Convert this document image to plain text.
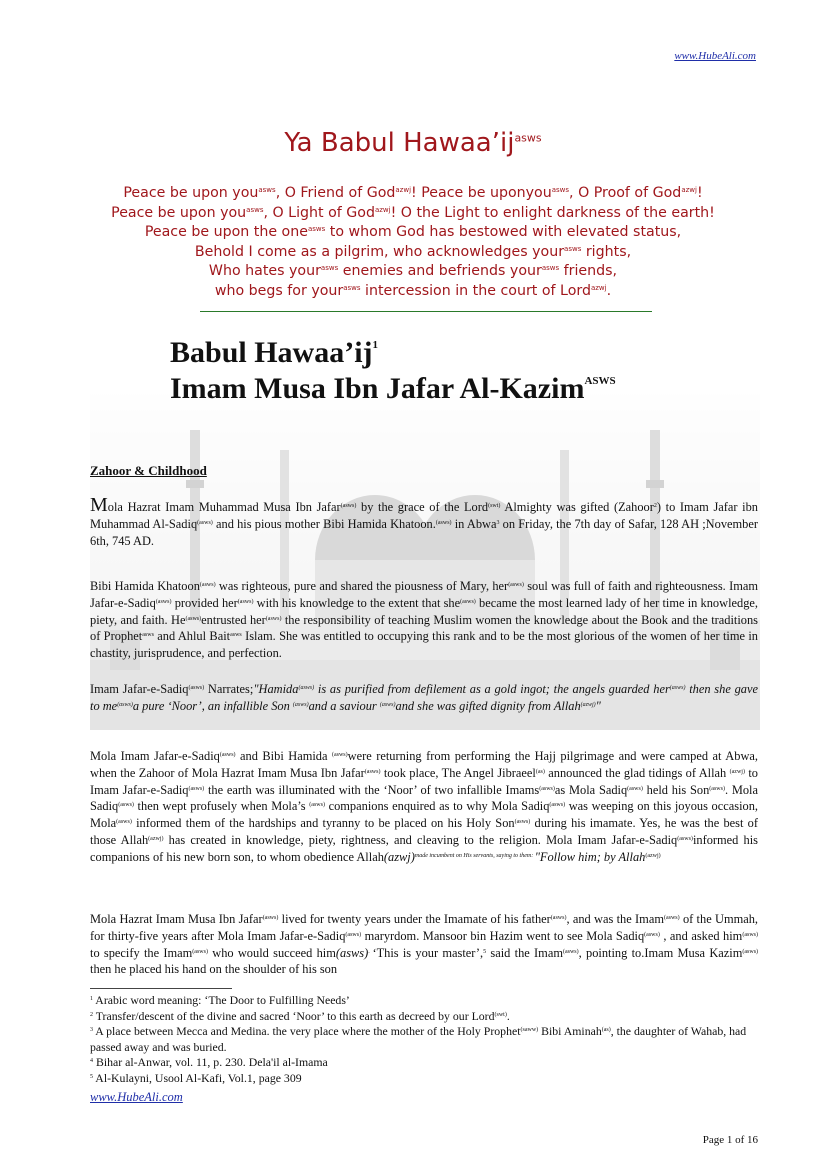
www.HubeAli.com
Ya Babul $Hawaa’ij^{asws}$
Peace be upon you$^{asws}$, O Friend of God$^{azwj}$! Peace be uponyou$^{asws}$, O Proof of God$^{azwj}$!
Peace be upon you$^{asws}$, O Light of God$^{azwj}$! O the Light to enlight darkness of the earth!
Peace be upon the one$^{asws}$ to whom God has bestowed with elevated status,
Behold I come as a pilgrim, who acknowledges your$^{asws}$ rights,
Who hates your$^{asws}$ enemies and befriends your$^{asws}$ friends,
who begs for your$^{asws}$ intercession in the court of Lord$^{azwj}$.
Babul $Hawaa’ij^1$
Imam Musa Ibn Jafar Al-Kazim$^{ASWS}$
Zahoor & Childhood
Mola Hazrat Imam Muhammad Musa Ibn Jafar$^{(asws)}$ by the grace of the Lord$^{(swt)}$ Almighty was gifted (Zahoor$^2$) to Imam Jafar ibn Muhammad Al-Sadiq$^{(asws)}$ and his pious mother Bibi Hamida Khatoon.$^{(asws)}$ in Abwa$^3$ on Friday, the 7th day of Safar, 128 AH ;November 6th, 745 AD.
Bibi Hamida Khatoon$^{(asws)}$ was righteous, pure and shared the piousness of Mary, her$^{(asws)}$ soul was full of faith and righteousness. Imam Jafar-e-Sadiq$^{(asws)}$ provided her$^{(asws)}$ with his knowledge to the extent that she$^{(asws)}$ became the most learned lady of her time in knowledge, piety, and faith. $He^{(asws)}entrusted$ her$^{(asws)}$ the responsibility of teaching Muslim women the knowledge about the Book and the traditions of Prophet$^{asws}$ and Ahlul Bait$^{asws}$ Islam. She was entitled to occupying this rank and to be the most glorious of the women of her time in chastity, jurisprudence, and perfection.
Imam Jafar-e-Sadiq$^{(asws)}$ Narrates;"Hamida$^{(asws)}$ is as purified from defilement as a gold ingot; the angels guarded her$^{(asws)}$ then she gave to $me^{(asws)}a$ pure ‘Noor’, an infallible Son $^{(asws)}$and a saviour $^{(asws)}$and she was gifted dignity from Allah$^{(azwj)}$"
Mola Imam Jafar-e-Sadiq$^{(asws)}$ and Bibi Hamida $^{(asws)}$were returning from performing the Hajj pilgrimage and were camped at Abwa, when the Zahoor of Mola Hazrat Imam Musa Ibn Jafar$^{(asws)}$ took place, The Angel Jibraeel$^{(as)}$ announced the glad tidings of Allah $^{(azwj)}$ to Imam Jafar-e-Sadiq$^{(asws)}$ the earth was illuminated with the ‘Noor’ of two infallible Imams$^{(asws)}$as Mola Sadiq$^{(asws)}$ held his Son$^{(asws)}$. Mola Sadiq$^{(asws)}$ then wept profusely when Mola’s $^{(asws)}$ companions enquired as to why Mola Sadiq$^{(asws)}$ was weeping on this joyous occasion, Mola$^{(asws)}$ informed them of the hardships and tyranny to be placed on his Holy Son$^{(asws)}$ during his imamate. Yes, he was the best of those Allah$^{(azwj)}$ has created in knowledge, piety, rightness, and cleaving to the religion. Mola Imam Jafar-e-Sadiq$^{(asws)}$informed his companions of his new born son, to whom obedience Allah(azwj)$^{made incumbent on His servants, saying to them:}$ "Follow him; by Allah$^{(azwj)}$
Mola Hazrat Imam Musa Ibn Jafar$^{(asws)}$ lived for twenty years under the Imamate of his father$^{(asws)}$, and was the Imam$^{(asws)}$ of the Ummah, for thirty-five years after Mola Imam Jafar-e-Sadiq$^{(asws)}$ maryrdom. Mansoor bin Hazim went to see Mola Sadiq$^{(asws)}$ , and asked him$^{(asws)}$ to specify the Imam$^{(asws)}$ who would succeed him(asws). ‘This is your master’,$^5$ said the Imam$^{(asws)}$, pointing to.Imam Musa Kazim$^{(asws)}$ then he placed his hand on the shoulder of his son
$^1$ Arabic word meaning: ‘The Door to Fulfilling Needs’
$^2$ Transfer/descent of the divine and sacred ‘Noor’ to this earth as decreed by our Lord$^{(swt)}$.
$^3$ A place between Mecca and Medina. the very place where the mother of the Holy Prophet$^{(saww)}$ Bibi Aminah$^{(as)}$, the daughter of Wahab, had passed away and was buried.
$^4$ Bihar al-Anwar, vol. 11, p. 230. Dela'il al-Imama
$^5$ Al-Kulayni, Usool Al-Kafi, Vol.1, page 309
www.HubeAli.com
Page 1 of 16
